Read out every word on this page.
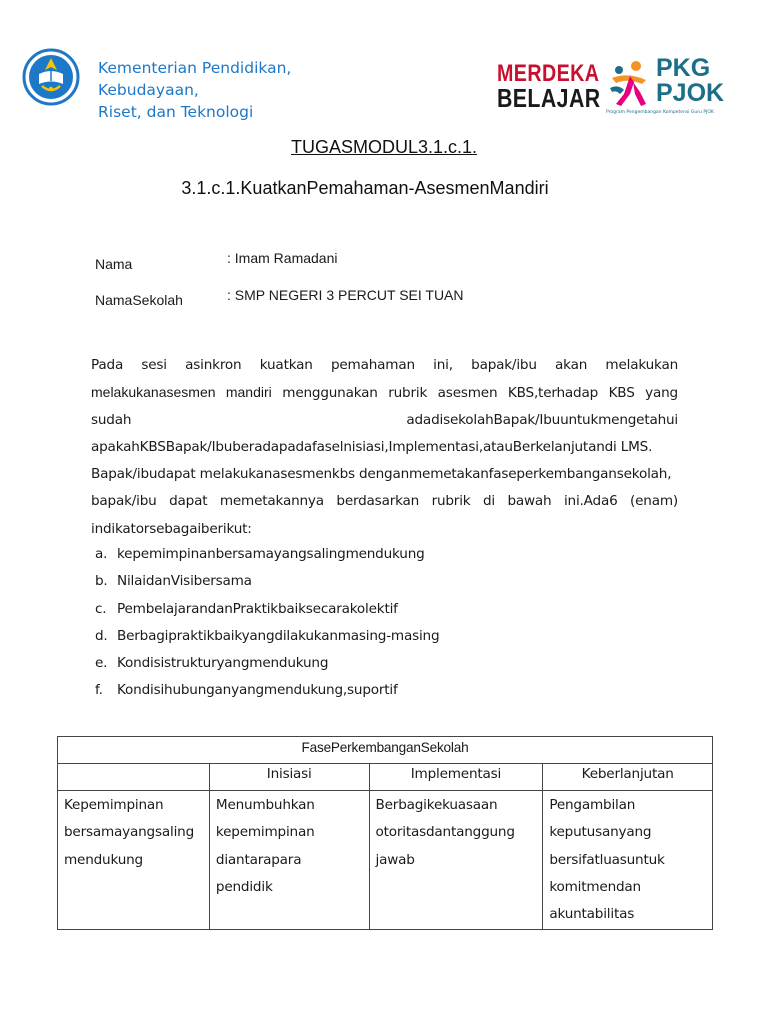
Kementerian Pendidikan,
Kebudayaan,
Riset, dan Teknologi
MERDEKA
BELAJAR
PKG
PJOK
Program Pengembangan Kompetensi Guru PJOK
TUGASMODUL3.1.c.1.
3.1.c.1.KuatkanPemahaman-AsesmenMandiri
Nama	: Imam Ramadani
NamaSekolah	: SMP NEGERI 3 PERCUT SEI TUAN
Pada sesi asinkron kuatkan pemahaman ini, bapak/ibu akan melakukan
melakukanasesmen mandiri menggunakan rubrik asesmen KBS,terhadap KBS yang
sudah	adadisekolahBapak/Ibuuntukmengetahui
apakahKBSBapak/Ibuberadapadafaselnisiasi,Implementasi,atauBerkelanjutandi LMS.
Bapak/ibudapat melakukanasesmenkbs denganmemetakanfaseperkembangansekolah,
bapak/ibu dapat memetakannya berdasarkan rubrik di bawah ini.Ada6 (enam)
indikatorsebagaiberikut:
a. kepemimpinanbersamayangsalingmendukung
b. NilaidanVisibersama
c. PembelajarandanPraktikbaiksecarakolektif
d. Berbagipraktikbaikyangdilakukanmasing-masing
e. Kondisistrukturyangmendukung
f.	Kondisihubunganyangmendukung,suportif
FasePerkembanganSekolah			
	Inisiasi	Implementasi	Keberlanjutan

Kepemimpinan
bersamayangsaling
mendukung	Menumbuhkan
kepemimpinan
diantarapara
pendidik	Berbagikekuasaan
otoritasdantanggung
jawab	Pengambilan
keputusanyang
bersifatluasuntuk
komitmendan
akuntabilitas
